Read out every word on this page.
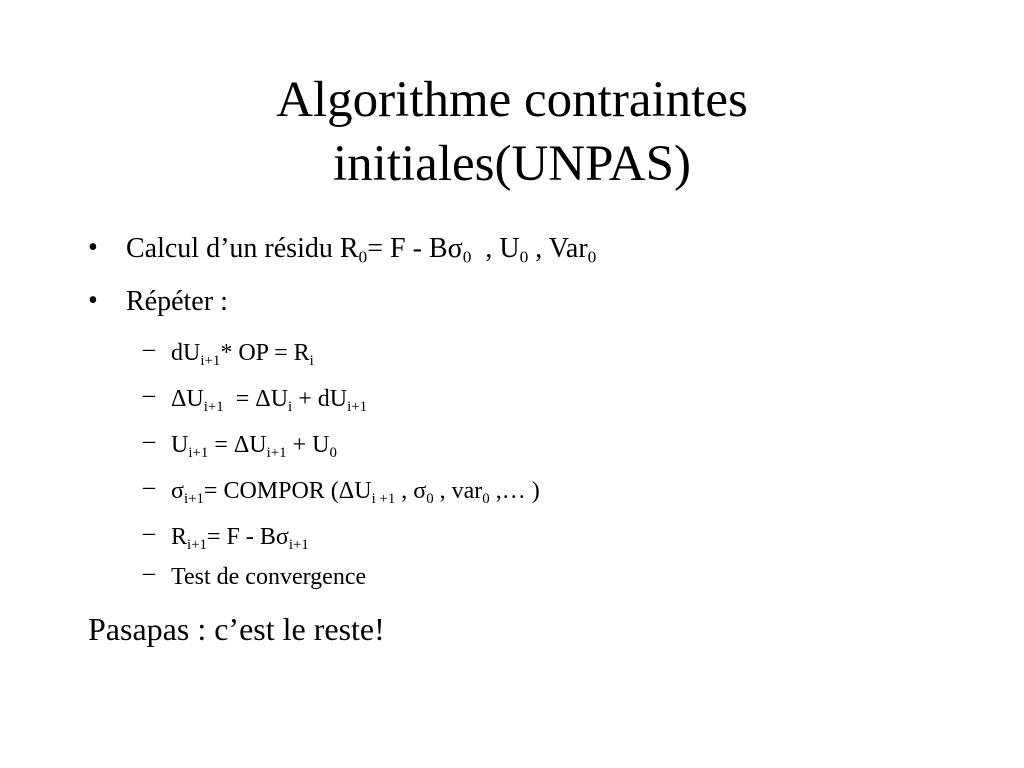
Algorithme contraintes
initiales(UNPAS)
• Calcul d’un résidu $R_0= F - B\sigma_0$  , $U_0$ , Var$_0$
• Répéter :
– $dU_{i+1}*$ OP = $R_i$
– $\Delta U_{i+1} = \Delta U_i + dU_{i+1}$
– $U_{i+1} = \Delta U_{i+1} + U_0$
– $\sigma_{i+1}=$ COMPOR ($\Delta U_{i +1}$ , $\sigma_0$ , var$_0$ ,… )
– $R_{i+1}= F - B\sigma_{i+1}$
– Test de convergence
Pasapas : c’est le reste!
